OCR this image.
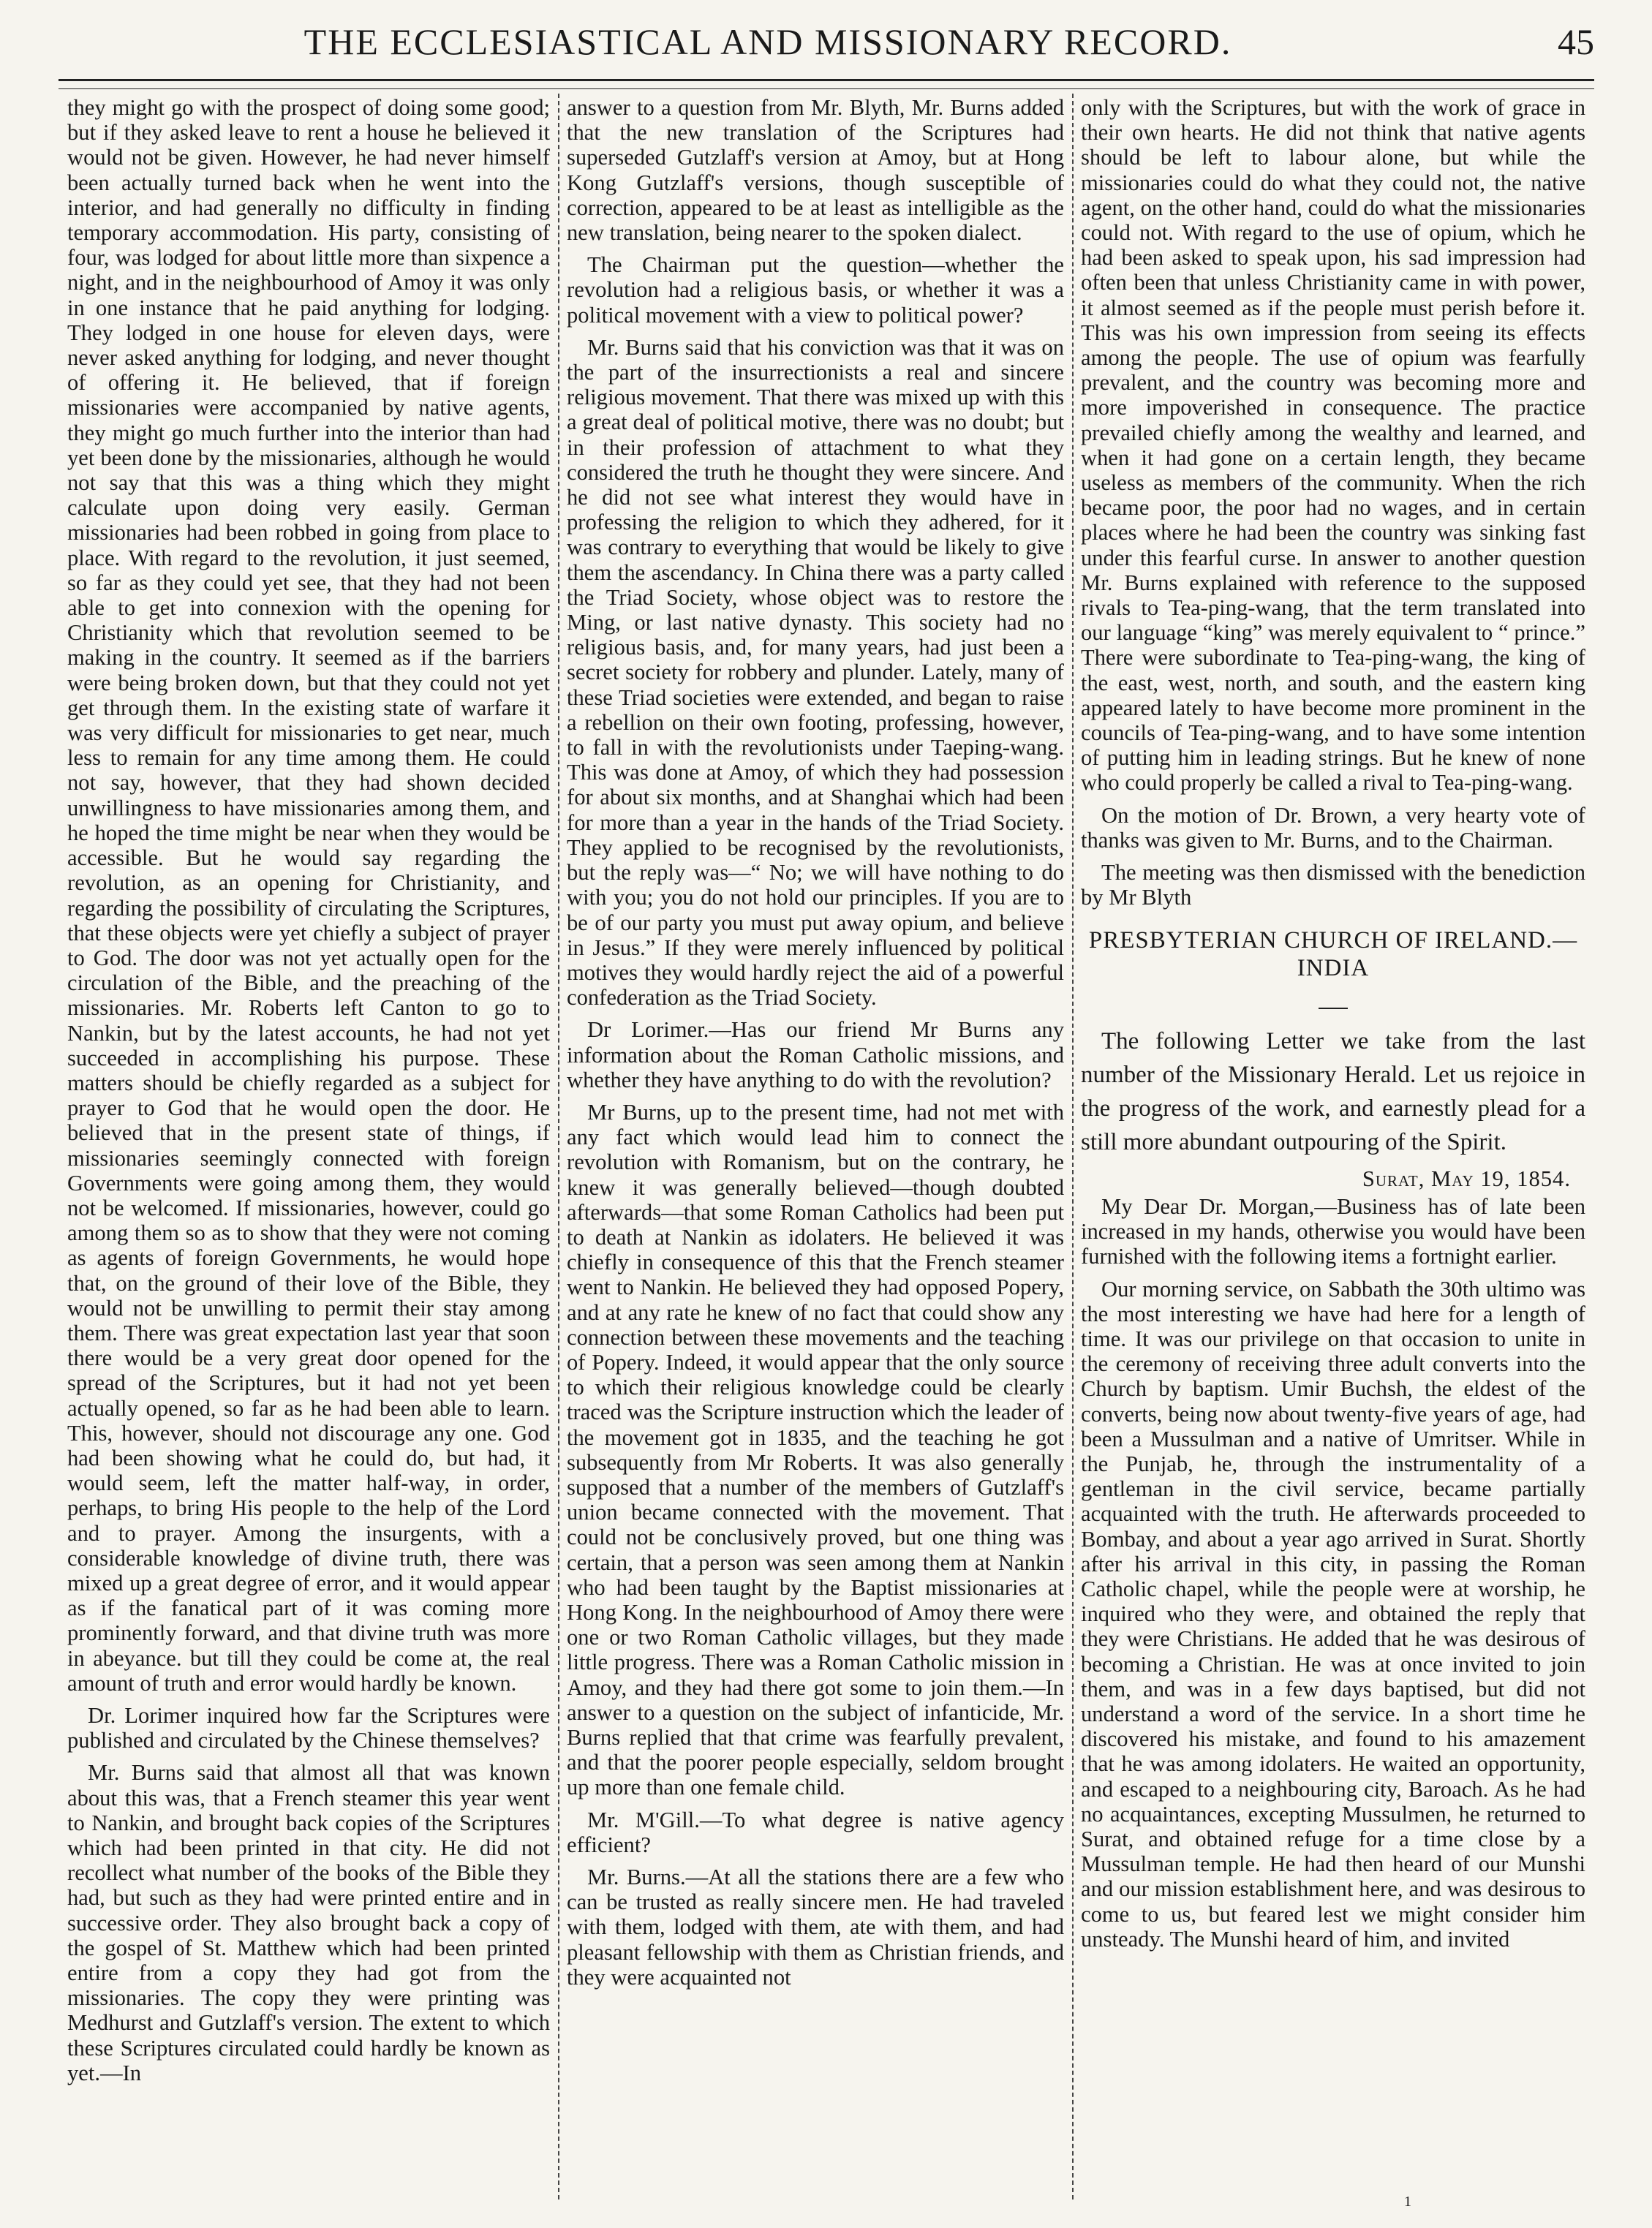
THE ECCLESIASTICAL AND MISSIONARY RECORD.	45

they might go with the prospect of doing some good; but if they asked leave to rent a house he believed it would not be given. However, he had never himself been actually turned back when he went into the interior, and had generally no difficulty in finding temporary accommodation. His party, consisting of four, was lodged for about little more than sixpence a night, and in the neighbourhood of Amoy it was only in one instance that he paid anything for lodging. They lodged in one house for eleven days, were never asked anything for lodging, and never thought of offering it. He believed, that if foreign missionaries were accompanied by native agents, they might go much further into the interior than had yet been done by the missionaries, although he would not say that this was a thing which they might calculate upon doing very easily. German missionaries had been robbed in going from place to place. With regard to the revolution, it just seemed, so far as they could yet see, that they had not been able to get into connexion with the opening for Christianity which that revolution seemed to be making in the country. It seemed as if the barriers were being broken down, but that they could not yet get through them. In the existing state of warfare it was very difficult for missionaries to get near, much less to remain for any time among them. He could not say, however, that they had shown decided unwillingness to have missionaries among them, and he hoped the time might be near when they would be accessible. But he would say regarding the revolution, as an opening for Christianity, and regarding the possibility of circulating the Scriptures, that these objects were yet chiefly a subject of prayer to God. The door was not yet actually open for the circulation of the Bible, and the preaching of the missionaries. Mr. Roberts left Canton to go to Nankin, but by the latest accounts, he had not yet succeeded in accomplishing his purpose. These matters should be chiefly regarded as a subject for prayer to God that he would open the door. He believed that in the present state of things, if missionaries seemingly connected with foreign Governments were going among them, they would not be welcomed. If missionaries, however, could go among them so as to show that they were not coming as agents of foreign Governments, he would hope that, on the ground of their love of the Bible, they would not be unwilling to permit their stay among them. There was great expectation last year that soon there would be a very great door opened for the spread of the Scriptures, but it had not yet been actually opened, so far as he had been able to learn. This, however, should not discourage any one. God had been showing what he could do, but had, it would seem, left the matter half-way, in order, perhaps, to bring His people to the help of the Lord and to prayer. Among the insurgents, with a considerable knowledge of divine truth, there was mixed up a great degree of error, and it would appear as if the fanatical part of it was coming more prominently forward, and that divine truth was more in abeyance. but till they could be come at, the real amount of truth and error would hardly be known.

Dr. Lorimer inquired how far the Scriptures were published and circulated by the Chinese themselves?

Mr. Burns said that almost all that was known about this was, that a French steamer this year went to Nankin, and brought back copies of the Scriptures which had been printed in that city. He did not recollect what number of the books of the Bible they had, but such as they had were printed entire and in successive order. They also brought back a copy of the gospel of St. Matthew which had been printed entire from a copy they had got from the missionaries. The copy they were printing was Medhurst and Gutzlaff's version. The extent to which these Scriptures circulated could hardly be known as yet.—In

answer to a question from Mr. Blyth, Mr. Burns added that the new translation of the Scriptures had superseded Gutzlaff's version at Amoy, but at Hong Kong Gutzlaff's versions, though susceptible of correction, appeared to be at least as intelligible as the new translation, being nearer to the spoken dialect.

The Chairman put the question—whether the revolution had a religious basis, or whether it was a political movement with a view to political power?

Mr. Burns said that his conviction was that it was on the part of the insurrectionists a real and sincere religious movement. That there was mixed up with this a great deal of political motive, there was no doubt; but in their profession of attachment to what they considered the truth he thought they were sincere. And he did not see what interest they would have in professing the religion to which they adhered, for it was contrary to everything that would be likely to give them the ascendancy. In China there was a party called the Triad Society, whose object was to restore the Ming, or last native dynasty. This society had no religious basis, and, for many years, had just been a secret society for robbery and plunder. Lately, many of these Triad societies were extended, and began to raise a rebellion on their own footing, professing, however, to fall in with the revolutionists under Taeping-wang. This was done at Amoy, of which they had possession for about six months, and at Shanghai which had been for more than a year in the hands of the Triad Society. They applied to be recognised by the revolutionists, but the reply was—“ No; we will have nothing to do with you; you do not hold our principles. If you are to be of our party you must put away opium, and believe in Jesus.” If they were merely influenced by political motives they would hardly reject the aid of a powerful confederation as the Triad Society.

Dr Lorimer.—Has our friend Mr Burns any information about the Roman Catholic missions, and whether they have anything to do with the revolution?

Mr Burns, up to the present time, had not met with any fact which would lead him to connect the revolution with Romanism, but on the contrary, he knew it was generally believed—though doubted afterwards—that some Roman Catholics had been put to death at Nankin as idolaters. He believed it was chiefly in consequence of this that the French steamer went to Nankin. He believed they had opposed Popery, and at any rate he knew of no fact that could show any connection between these movements and the teaching of Popery. Indeed, it would appear that the only source to which their religious knowledge could be clearly traced was the Scripture instruction which the leader of the movement got in 1835, and the teaching he got subsequently from Mr Roberts. It was also generally supposed that a number of the members of Gutzlaff's union became connected with the movement. That could not be conclusively proved, but one thing was certain, that a person was seen among them at Nankin who had been taught by the Baptist missionaries at Hong Kong. In the neighbourhood of Amoy there were one or two Roman Catholic villages, but they made little progress. There was a Roman Catholic mission in Amoy, and they had there got some to join them.—In answer to a question on the subject of infanticide, Mr. Burns replied that that crime was fearfully prevalent, and that the poorer people especially, seldom brought up more than one female child.

Mr. M'Gill.—To what degree is native agency efficient?

Mr. Burns.—At all the stations there are a few who can be trusted as really sincere men. He had traveled with them, lodged with them, ate with them, and had pleasant fellowship with them as Christian friends, and they were acquainted not

only with the Scriptures, but with the work of grace in their own hearts. He did not think that native agents should be left to labour alone, but while the missionaries could do what they could not, the native agent, on the other hand, could do what the missionaries could not. With regard to the use of opium, which he had been asked to speak upon, his sad impression had often been that unless Christianity came in with power, it almost seemed as if the people must perish before it. This was his own impression from seeing its effects among the people. The use of opium was fearfully prevalent, and the country was becoming more and more impoverished in consequence. The practice prevailed chiefly among the wealthy and learned, and when it had gone on a certain length, they became useless as members of the community. When the rich became poor, the poor had no wages, and in certain places where he had been the country was sinking fast under this fearful curse. In answer to another question Mr. Burns explained with reference to the supposed rivals to Tea-ping-wang, that the term translated into our language “king” was merely equivalent to “ prince.” There were subordinate to Tea-ping-wang, the king of the east, west, north, and south, and the eastern king appeared lately to have become more prominent in the councils of Tea-ping-wang, and to have some intention of putting him in leading strings. But he knew of none who could properly be called a rival to Tea-ping-wang.

On the motion of Dr. Brown, a very hearty vote of thanks was given to Mr. Burns, and to the Chairman.

The meeting was then dismissed with the benediction by Mr Blyth

PRESBYTERIAN CHURCH OF IRELAND.—INDIA

The following Letter we take from the last number of the Missionary Herald. Let us rejoice in the progress of the work, and earnestly plead for a still more abundant outpouring of the Spirit.

Surat, May 19, 1854.

My Dear Dr. Morgan,—Business has of late been increased in my hands, otherwise you would have been furnished with the following items a fortnight earlier.

Our morning service, on Sabbath the 30th ultimo was the most interesting we have had here for a length of time. It was our privilege on that occasion to unite in the ceremony of receiving three adult converts into the Church by baptism. Umir Buchsh, the eldest of the converts, being now about twenty-five years of age, had been a Mussulman and a native of Umritser. While in the Punjab, he, through the instrumentality of a gentleman in the civil service, became partially acquainted with the truth. He afterwards proceeded to Bombay, and about a year ago arrived in Surat. Shortly after his arrival in this city, in passing the Roman Catholic chapel, while the people were at worship, he inquired who they were, and obtained the reply that they were Christians. He added that he was desirous of becoming a Christian. He was at once invited to join them, and was in a few days baptised, but did not understand a word of the service. In a short time he discovered his mistake, and found to his amazement that he was among idolaters. He waited an opportunity, and escaped to a neighbouring city, Baroach. As he had no acquaintances, excepting Mussulmen, he returned to Surat, and obtained refuge for a time close by a Mussulman temple. He had then heard of our Munshi and our mission establishment here, and was desirous to come to us, but feared lest we might consider him unsteady. The Munshi heard of him, and invited

1
